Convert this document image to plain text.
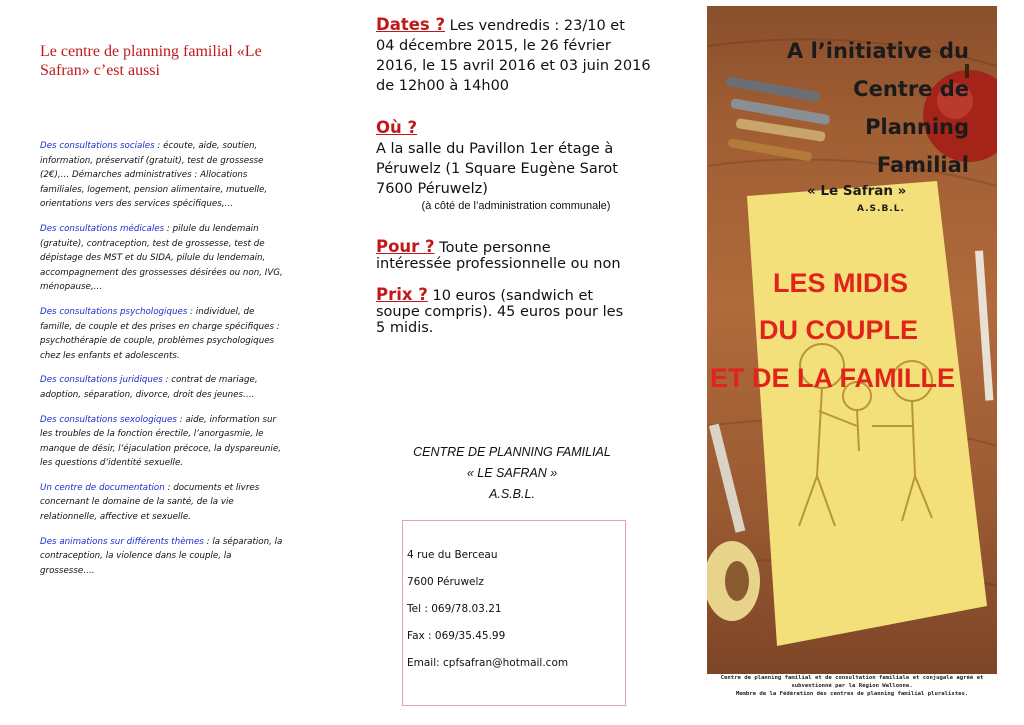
Le centre de planning familial «Le Safran» c’est aussi

Des consultations sociales : écoute, aide, soutien, information, préservatif (gratuit), test de grossesse (2€),… Démarches administratives : Allocations familiales, logement, pension alimentaire, mutuelle, orientations vers des services spécifiques,…

Des consultations médicales : pilule du lendemain (gratuite), contraception, test de grossesse, test de dépistage des MST et du SIDA, pilule du lendemain, accompagnement des grossesses désirées ou non, IVG, ménopause,…

Des consultations psychologiques : individuel, de famille, de couple et des prises en charge spécifiques : psychothérapie de couple, problèmes psychologiques chez les enfants et adolescents.

Des consultations juridiques : contrat de mariage, adoption, séparation, divorce, droit des jeunes….

Des consultations sexologiques : aide, information sur les troubles de la fonction érectile, l’anorgasmie, le manque de désir, l’éjaculation précoce, la dyspareunie, les questions d’identité sexuelle.

Un centre de documentation : documents et livres concernant le domaine de la santé, de la vie relationnelle, affective et sexuelle.

Des animations sur différents thèmes : la séparation, la contraception, la violence dans le couple, la grossesse….

Dates ? Les vendredis : 23/10 et

04 décembre 2015, le 26 février

2016, le 15 avril 2016 et 03 juin 2016

de 12h00 à 14h00

Où ?

A la salle du Pavillon 1er étage à

Péruwelz (1 Square Eugène Sarot

7600 Péruwelz)

(à côté de l’administration communale)

Pour ? Toute personne

intéressée professionnelle ou non

Prix ? 10 euros (sandwich et

soupe compris). 45 euros pour les

5 midis.

CENTRE DE PLANNING FAMILIAL
« LE SAFRAN »
A.S.B.L.
4 rue du Berceau
7600 Péruwelz
Tel : 069/78.03.21
Fax : 069/35.45.99
Email: cpfsafran@hotmail.com
A l’initiative du
Centre de
Planning
Familial
« Le Safran »
A.S.B.L.
LES MIDIS
DU COUPLE
ET DE LA FAMILLE
Centre de planning familial et de consultation familiale et conjugale agréé et
subventionné par la Région Wallonne.
Membre de la Fédération des centres de planning familial pluralistes.
